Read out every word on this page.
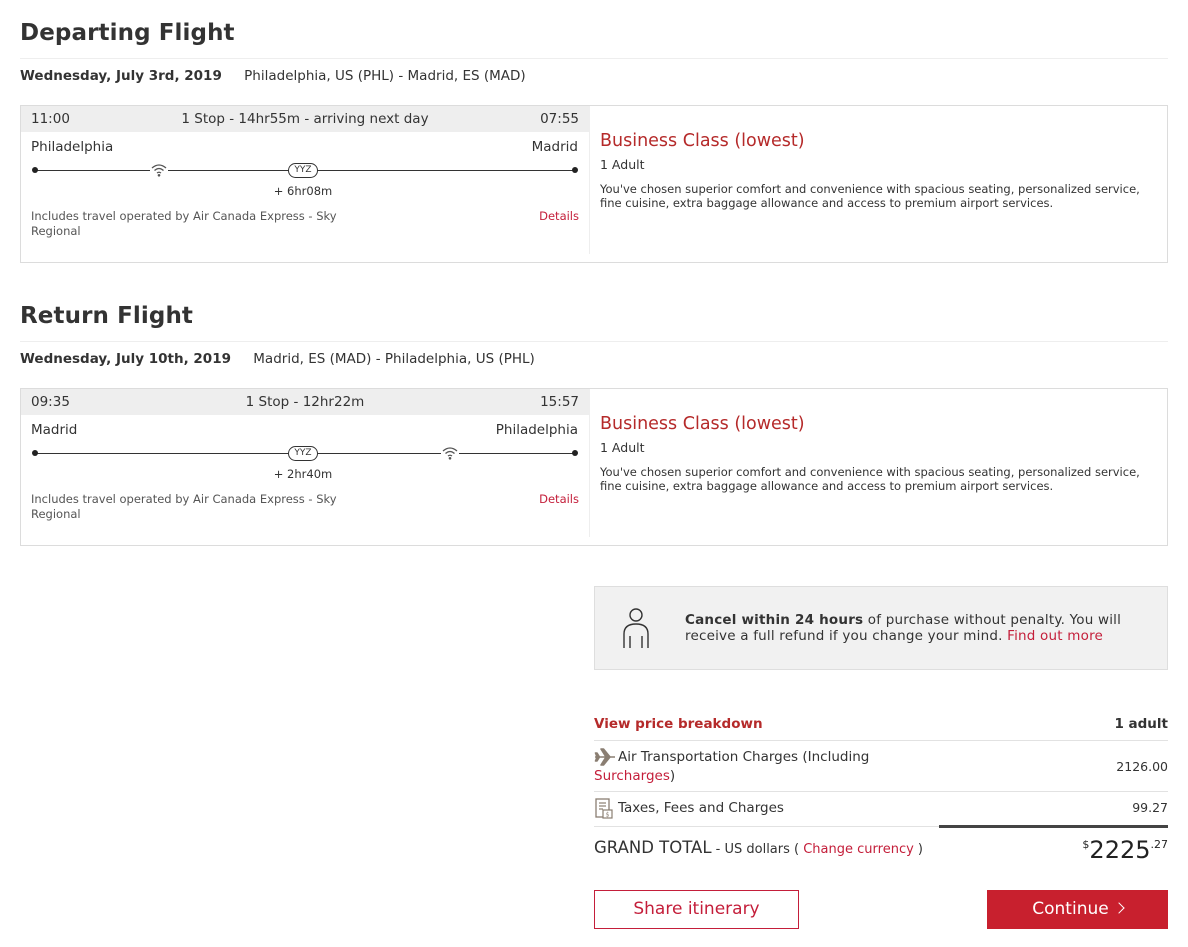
Departing Flight
Wednesday, July 3rd, 2019 Philadelphia, US (PHL) - Madrid, ES (MAD)
11:00	1 Stop - 14hr55m - arriving next day	07:55
Philadelphia	Madrid
YYZ
+ 6hr08m
Includes travel operated by Air Canada Express - Sky Regional
Details
Business Class (lowest)
1 Adult
You've chosen superior comfort and convenience with spacious seating, personalized service, fine cuisine, extra baggage allowance and access to premium airport services.
Return Flight
Wednesday, July 10th, 2019 Madrid, ES (MAD) - Philadelphia, US (PHL)
09:35	1 Stop - 12hr22m	15:57
Madrid	Philadelphia
YYZ
+ 2hr40m
Includes travel operated by Air Canada Express - Sky Regional
Details
Business Class (lowest)
1 Adult
You've chosen superior comfort and convenience with spacious seating, personalized service, fine cuisine, extra baggage allowance and access to premium airport services.
Cancel within 24 hours of purchase without penalty. You will receive a full refund if you change your mind. Find out more
View price breakdown	1 adult
Air Transportation Charges (Including
Surcharges)
2126.00
$ Taxes, Fees and Charges	99.27
GRAND TOTAL - US dollars ( Change currency )	$^{\$}2225^{.27}$
Share itinerary	Continue
